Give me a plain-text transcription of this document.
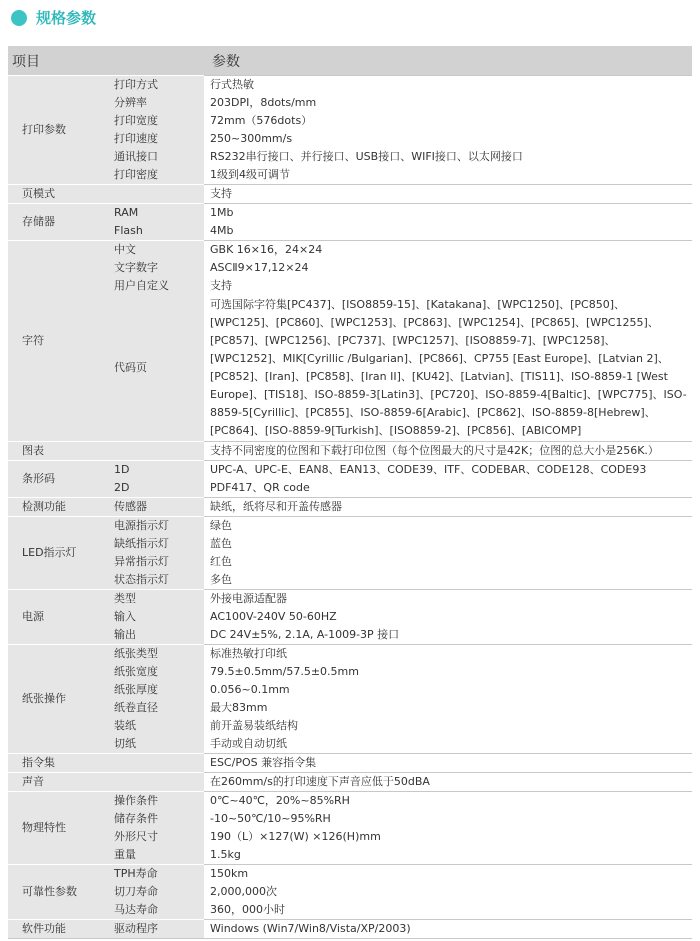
规格参数
项目		参数
打印参数	打印方式	行式热敏
	分辨率	203DPI，8dots/mm
	打印宽度	72mm（576dots）
	打印速度	250~300mm/s
	通讯接口	RS232串行接口、并行接口、USB接口、WIFI接口、以太网接口
	打印密度	1级到4级可调节
页模式		支持
存储器	RAM	1Mb
	Flash	4Mb
字符	中文	GBK 16×16，24×24
	文字数字	ASCⅡ9×17,12×24
	用户自定义	支持
	代码页	可选国际字符集[PC437]、[ISO8859-15]、[Katakana]、[WPC1250]、[PC850]、[WPC125]、[PC860]、[WPC1253]、[PC863]、[WPC1254]、[PC865]、[WPC1255]、[PC857]、[WPC1256]、[PC737]、[WPC1257]、[ISO8859-7]、[WPC1258]、[WPC1252]、MIK[Cyrillic /Bulgarian]、[PC866]、CP755 [East Europe]、[Latvian 2]、[PC852]、[Iran]、[PC858]、[Iran II]、[KU42]、[Latvian]、[TIS11]、ISO-8859-1 [West Europe]、[TIS18]、ISO-8859-3[Latin3]、[PC720]、ISO-8859-4[Baltic]、[WPC775]、ISO-8859-5[Cyrillic]、[PC855]、ISO-8859-6[Arabic]、[PC862]、ISO-8859-8[Hebrew]、[PC864]、[ISO-8859-9[Turkish]、[ISO8859-2]、[PC856]、[ABICOMP]
图表		支持不同密度的位图和下载打印位图（每个位图最大的尺寸是42K；位图的总大小是256K.）
条形码	1D	UPC-A、UPC-E、EAN8、EAN13、CODE39、ITF、CODEBAR、CODE128、CODE93
	2D	PDF417、QR code
检测功能	传感器	缺纸，纸将尽和开盖传感器
LED指示灯	电源指示灯	绿色
	缺纸指示灯	蓝色
	异常指示灯	红色
	状态指示灯	多色
电源	类型	外接电源适配器
	输入	AC100V-240V 50-60HZ
	输出	DC 24V±5%, 2.1A, A-1009-3P 接口
纸张操作	纸张类型	标准热敏打印纸
	纸张宽度	79.5±0.5mm/57.5±0.5mm
	纸张厚度	0.056~0.1mm
	纸卷直径	最大83mm
	装纸	前开盖易装纸结构
	切纸	手动或自动切纸
指令集		ESC/POS 兼容指令集
声音		在260mm/s的打印速度下声音应低于50dBA
物理特性	操作条件	0℃~40℃，20%~85%RH
	储存条件	-10~50℃/10~95%RH
	外形尺寸	190（L）×127(W) ×126(H)mm
	重量	1.5kg
可靠性参数	TPH寿命	150km
	切刀寿命	2,000,000次
	马达寿命	360，000小时
软件功能	驱动程序	Windows (Win7/Win8/Vista/XP/2003)
